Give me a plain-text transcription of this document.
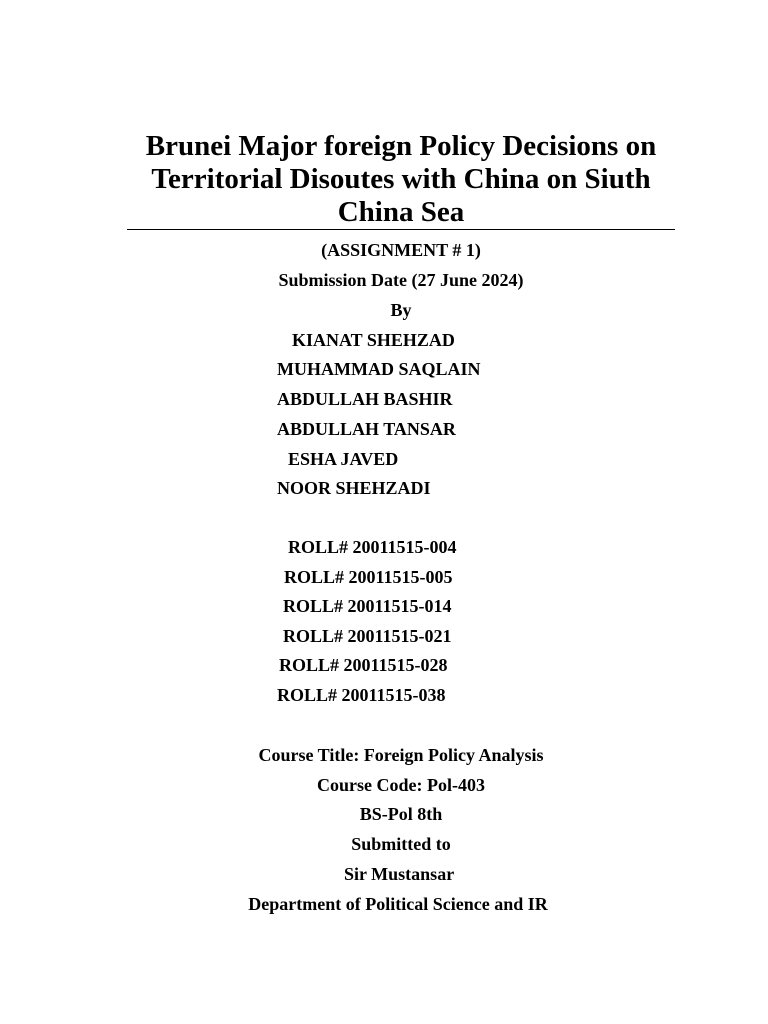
Brunei Major foreign Policy Decisions on
Territorial Disoutes with China on Siuth
China Sea

(ASSIGNMENT # 1)

Submission Date (27 June 2024)

By

KIANAT SHEHZAD

MUHAMMAD SAQLAIN

ABDULLAH BASHIR

ABDULLAH TANSAR

ESHA JAVED

NOOR SHEHZADI

ROLL# 20011515-004

ROLL# 20011515-005

ROLL# 20011515-014

ROLL# 20011515-021

ROLL# 20011515-028

ROLL# 20011515-038

Course Title: Foreign Policy Analysis

Course Code: Pol-403

BS-Pol 8th

Submitted to

Sir Mustansar

Department of Political Science and IR
